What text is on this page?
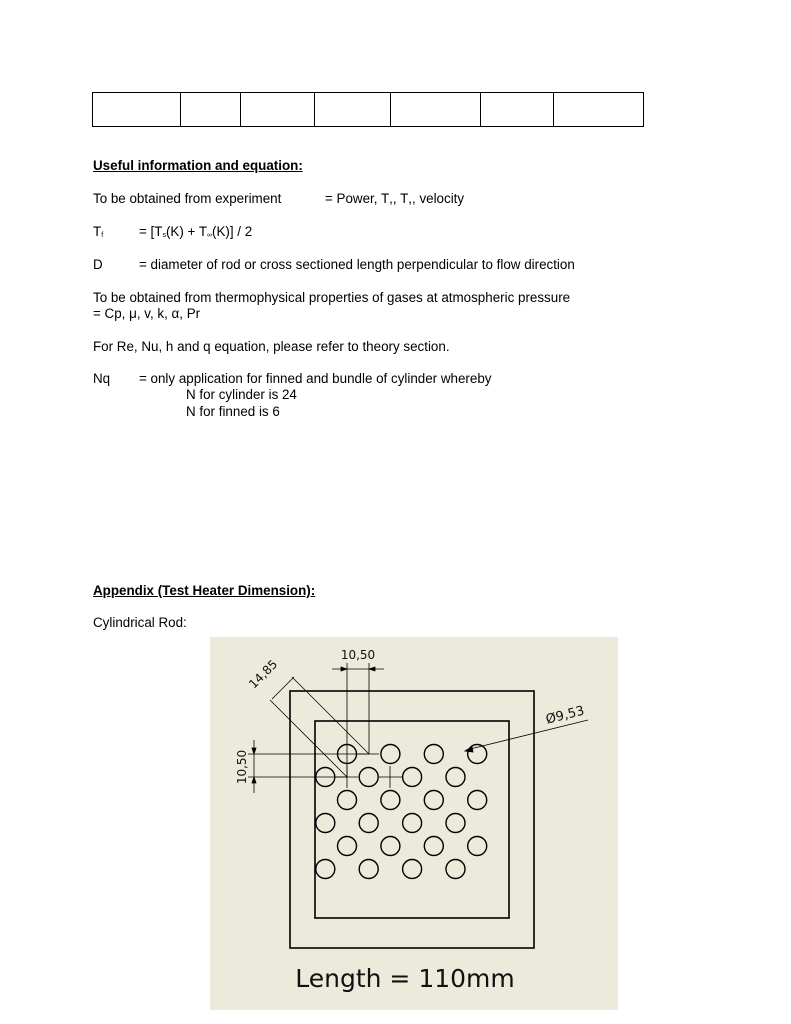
Useful information and equation:
To be obtained from experiment	= Power, T,, T,, velocity
$T_f$	= $[T_s(K) + T_\infty(K)] / 2$
D	= diameter of rod or cross sectioned length perpendicular to flow direction
To be obtained from thermophysical properties of gases at atmospheric pressure
= Cp, μ, v, k, α, Pr
For Re, Nu, h and q equation, please refer to theory section.
Nq = only application for finned and bundle of cylinder whereby
N for cylinder is 24
N for finned is 6
Appendix (Test Heater Dimension):
Cylindrical Rod:
10,50
10,50
14,85
Ø9,53
Length = 110mm
